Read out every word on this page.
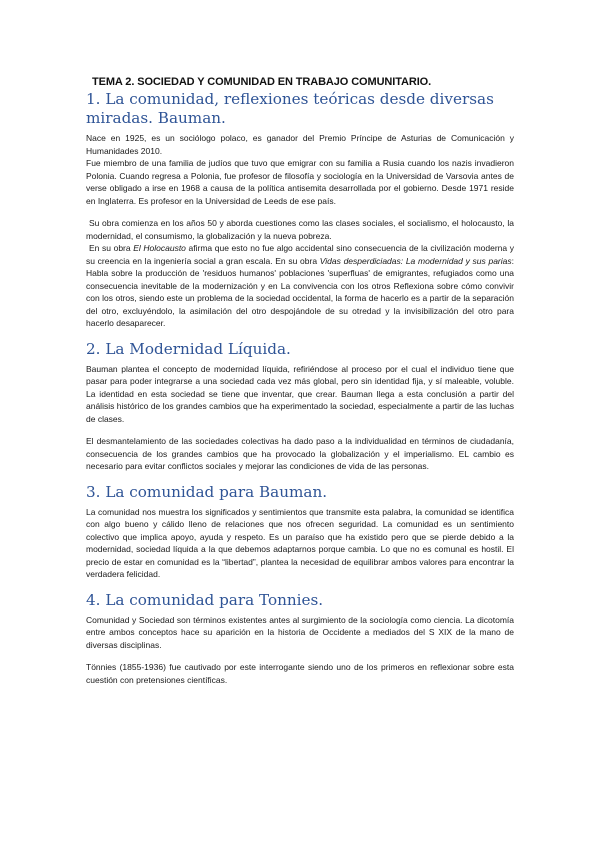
TEMA 2. SOCIEDAD Y COMUNIDAD EN TRABAJO COMUNITARIO.
1. La comunidad, reflexiones teóricas desde diversas miradas. Bauman.

Nace en 1925, es un sociólogo polaco, es ganador del Premio Príncipe de Asturias de Comunicación y Humanidades 2010.

Fue miembro de una familia de judíos que tuvo que emigrar con su familia a Rusia cuando los nazis invadieron Polonia. Cuando regresa a Polonia, fue profesor de filosofía y sociología en la Universidad de Varsovia antes de verse obligado a irse en 1968 a causa de la política antisemita desarrollada por el gobierno. Desde 1971 reside en Inglaterra. Es profesor en la Universidad de Leeds de ese país.

Su obra comienza en los años 50 y aborda cuestiones como las clases sociales, el socialismo, el holocausto, la modernidad, el consumismo, la globalización y la nueva pobreza.

En su obra El Holocausto afirma que esto no fue algo accidental sino consecuencia de la civilización moderna y su creencia en la ingeniería social a gran escala. En su obra Vidas desperdiciadas: La modernidad y sus parias: Habla sobre la producción de 'residuos humanos' poblaciones 'superfluas' de emigrantes, refugiados como una consecuencia inevitable de la modernización y en La convivencia con los otros Reflexiona sobre cómo convivir con los otros, siendo este un problema de la sociedad occidental, la forma de hacerlo es a partir de la separación del otro, excluyéndolo, la asimilación del otro despojándole de su otredad y la invisibilización del otro para hacerlo desaparecer.

2. La Modernidad Líquida.

Bauman plantea el concepto de modernidad líquida, refiriéndose al proceso por el cual el individuo tiene que pasar para poder integrarse a una sociedad cada vez más global, pero sin identidad fija, y sí maleable, voluble. La identidad en esta sociedad se tiene que inventar, que crear. Bauman llega a esta conclusión a partir del análisis histórico de los grandes cambios que ha experimentado la sociedad, especialmente a partir de las luchas de clases.

El desmantelamiento de las sociedades colectivas ha dado paso a la individualidad en términos de ciudadanía, consecuencia de los grandes cambios que ha provocado la globalización y el imperialismo. EL cambio es necesario para evitar conflictos sociales y mejorar las condiciones de vida de las personas.

3. La comunidad para Bauman.

La comunidad nos muestra los significados y sentimientos que transmite esta palabra, la comunidad se identifica con algo bueno y cálido lleno de relaciones que nos ofrecen seguridad. La comunidad es un sentimiento colectivo que implica apoyo, ayuda y respeto. Es un paraíso que ha existido pero que se pierde debido a la modernidad, sociedad líquida a la que debemos adaptarnos porque cambia. Lo que no es comunal es hostil. El precio de estar en comunidad es la “libertad”, plantea la necesidad de equilibrar ambos valores para encontrar la verdadera felicidad.

4. La comunidad para Tonnies.

Comunidad y Sociedad son términos existentes antes al surgimiento de la sociología como ciencia. La dicotomía entre ambos conceptos hace su aparición en la historia de Occidente a mediados del S XIX de la mano de diversas disciplinas.

Tönnies (1855-1936) fue cautivado por este interrogante siendo uno de los primeros en reflexionar sobre esta cuestión con pretensiones científicas.
